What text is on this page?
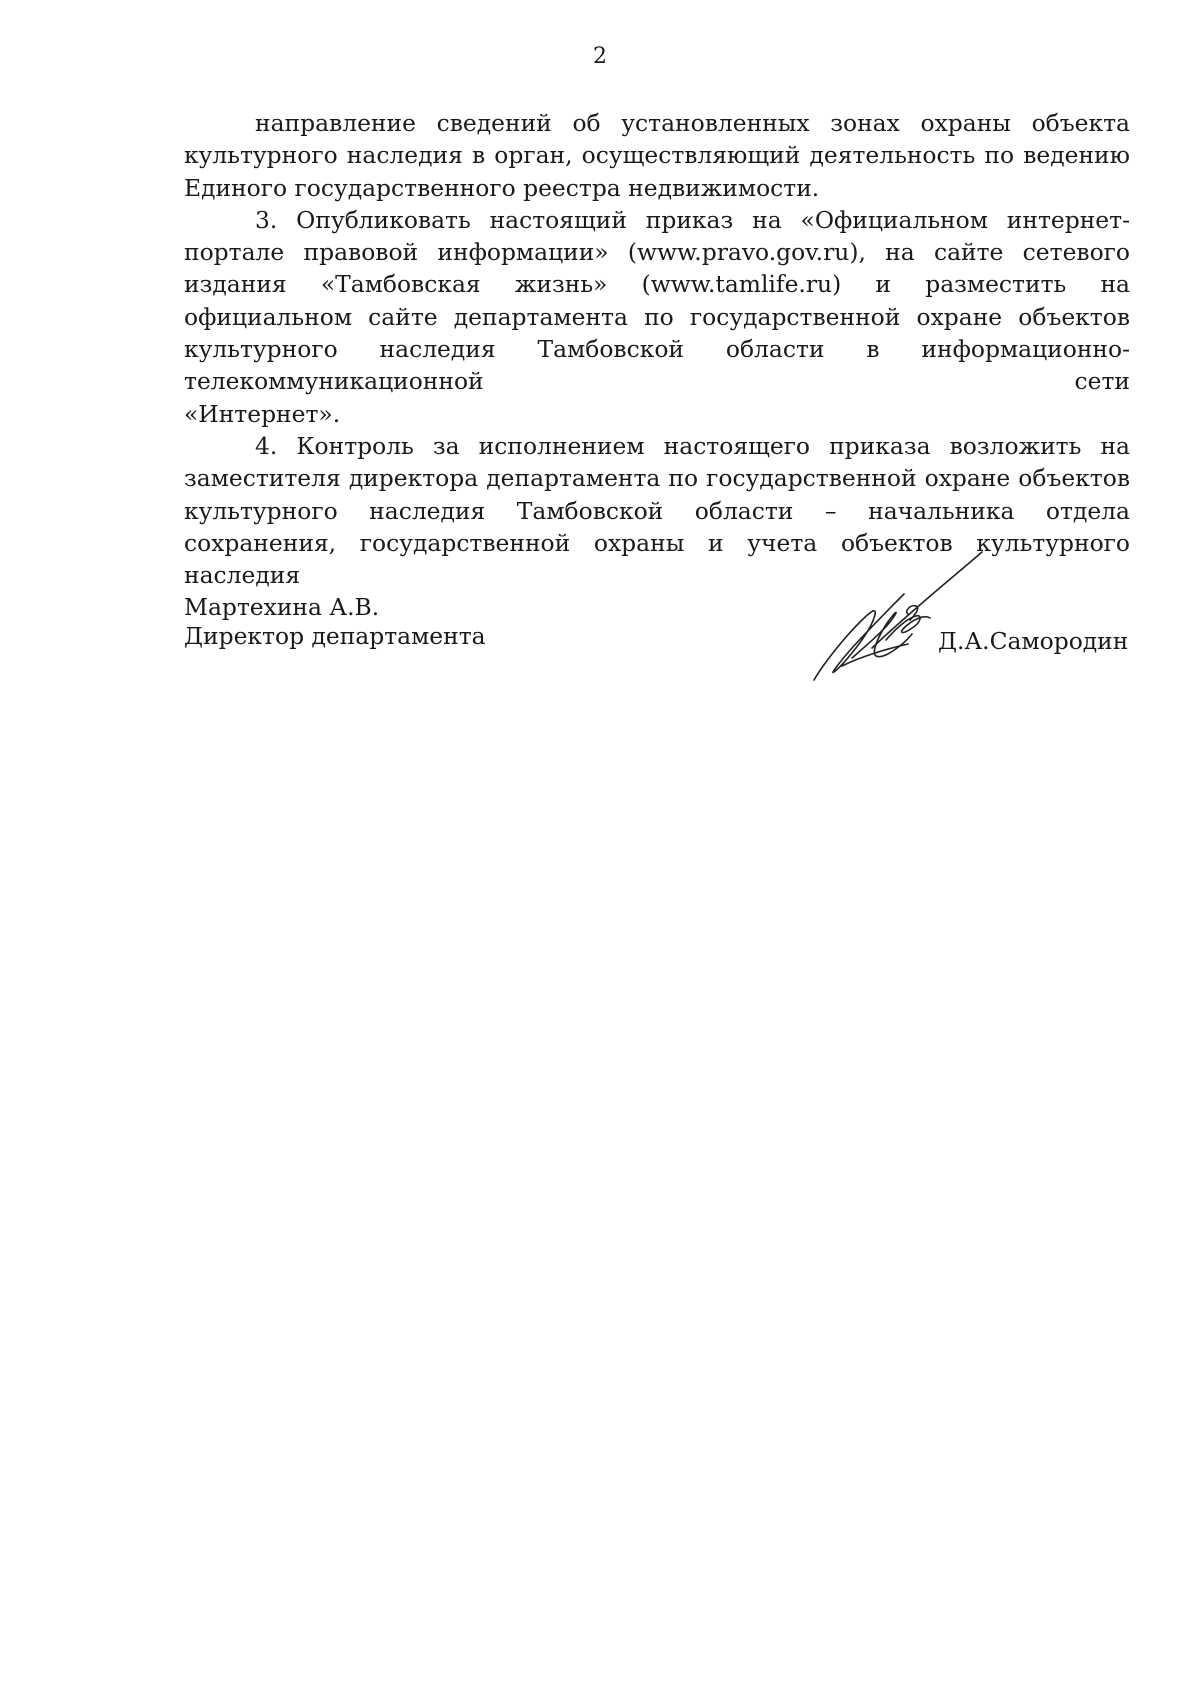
2

направление сведений об установленных зонах охраны объекта культурного наследия в орган, осуществляющий деятельность по ведению

Единого государственного реестра недвижимости.

3. Опубликовать настоящий приказ на «Официальном интернет-портале правовой информации» (www.pravo.gov.ru), на сайте сетевого издания «Тамбовская жизнь» (www.tamlife.ru) и разместить на официальном сайте департамента по государственной охране объектов культурного наследия Тамбовской области в информационно-телекоммуникационной сети

«Интернет».

4. Контроль за исполнением настоящего приказа возложить на заместителя директора департамента по государственной охране объектов культурного наследия Тамбовской области – начальника отдела сохранения, государственной охраны и учета объектов культурного наследия

Мартехина А.В.

Директор департамента	Д.А.Самородин
